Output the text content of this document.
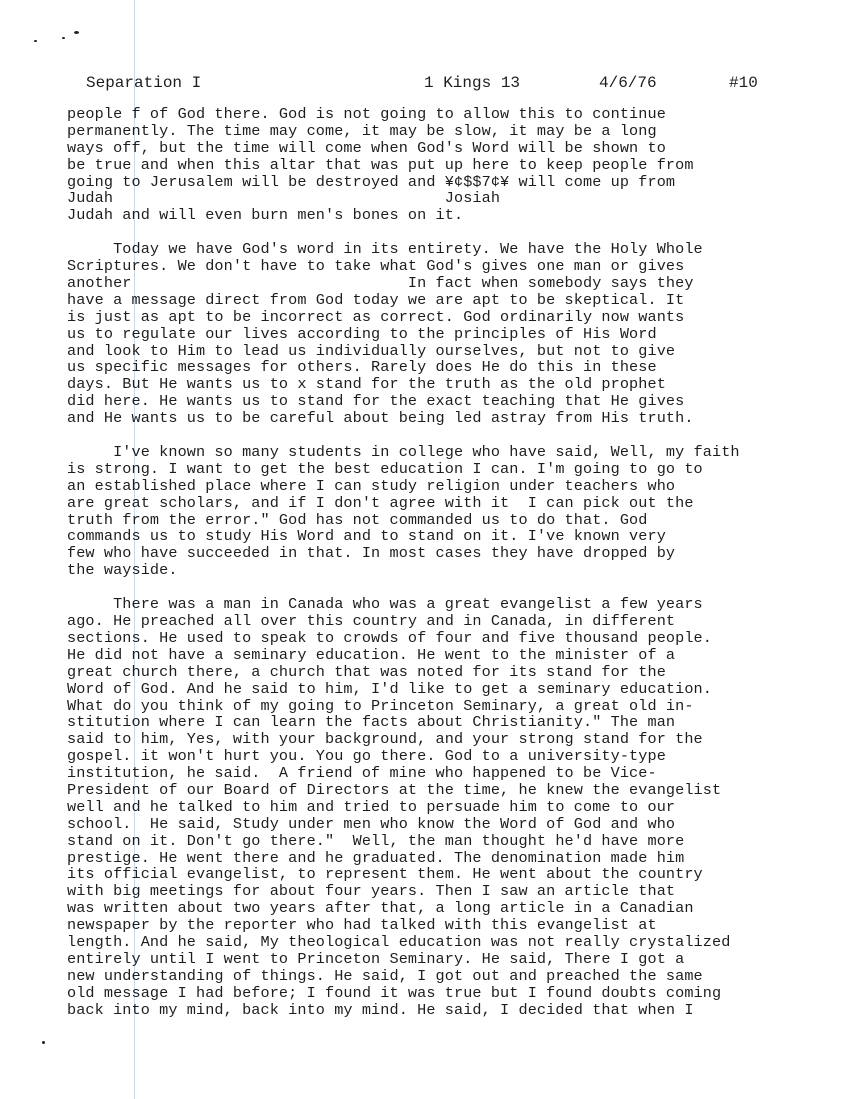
Separation I	1 Kings 13	4/6/76	#10
people f of God there. God is not going to allow this to continue
permanently. The time may come, it may be slow, it may be a long
ways off, but the time will come when God's Word will be shown to
be true and when this altar that was put up here to keep people from
going to Jerusalem will be destroyed and ¥¢$$7¢¥ will come up from
Judah                                    Josiah
Judah and will even burn men's bones on it.
Today we have God's word in its entirety. We have the Holy Whole
Scriptures. We don't have to take what God's gives one man or gives
another                              In fact when somebody says they
have a message direct from God today we are apt to be skeptical. It
is just as apt to be incorrect as correct. God ordinarily now wants
us to regulate our lives according to the principles of His Word
and look to Him to lead us individually ourselves, but not to give
us specific messages for others. Rarely does He do this in these
days. But He wants us to x stand for the truth as the old prophet
did here. He wants us to stand for the exact teaching that He gives
and He wants us to be careful about being led astray from His truth.
I've known so many students in college who have said, Well, my faith
is strong. I want to get the best education I can. I'm going to go to
an established place where I can study religion under teachers who
are great scholars, and if I don't agree with it  I can pick out the
truth from the error." God has not commanded us to do that. God
commands us to study His Word and to stand on it. I've known very
few who have succeeded in that. In most cases they have dropped by
the wayside.
There was a man in Canada who was a great evangelist a few years
ago. He preached all over this country and in Canada, in different
sections. He used to speak to crowds of four and five thousand people.
He did not have a seminary education. He went to the minister of a
great church there, a church that was noted for its stand for the
Word of God. And he said to him, I'd like to get a seminary education.
What do you think of my going to Princeton Seminary, a great old in-
stitution where I can learn the facts about Christianity." The man
said to him, Yes, with your background, and your strong stand for the
gospel. it won't hurt you. You go there. God to a university-type
institution, he said.  A friend of mine who happened to be Vice-
President of our Board of Directors at the time, he knew the evangelist
well and he talked to him and tried to persuade him to come to our
school.  He said, Study under men who know the Word of God and who
stand on it. Don't go there."  Well, the man thought he'd have more
prestige. He went there and he graduated. The denomination made him
its official evangelist, to represent them. He went about the country
with big meetings for about four years. Then I saw an article that
was written about two years after that, a long article in a Canadian
newspaper by the reporter who had talked with this evangelist at
length. And he said, My theological education was not really crystalized
entirely until I went to Princeton Seminary. He said, There I got a
new understanding of things. He said, I got out and preached the same
old message I had before; I found it was true but I found doubts coming
back into my mind, back into my mind. He said, I decided that when I
